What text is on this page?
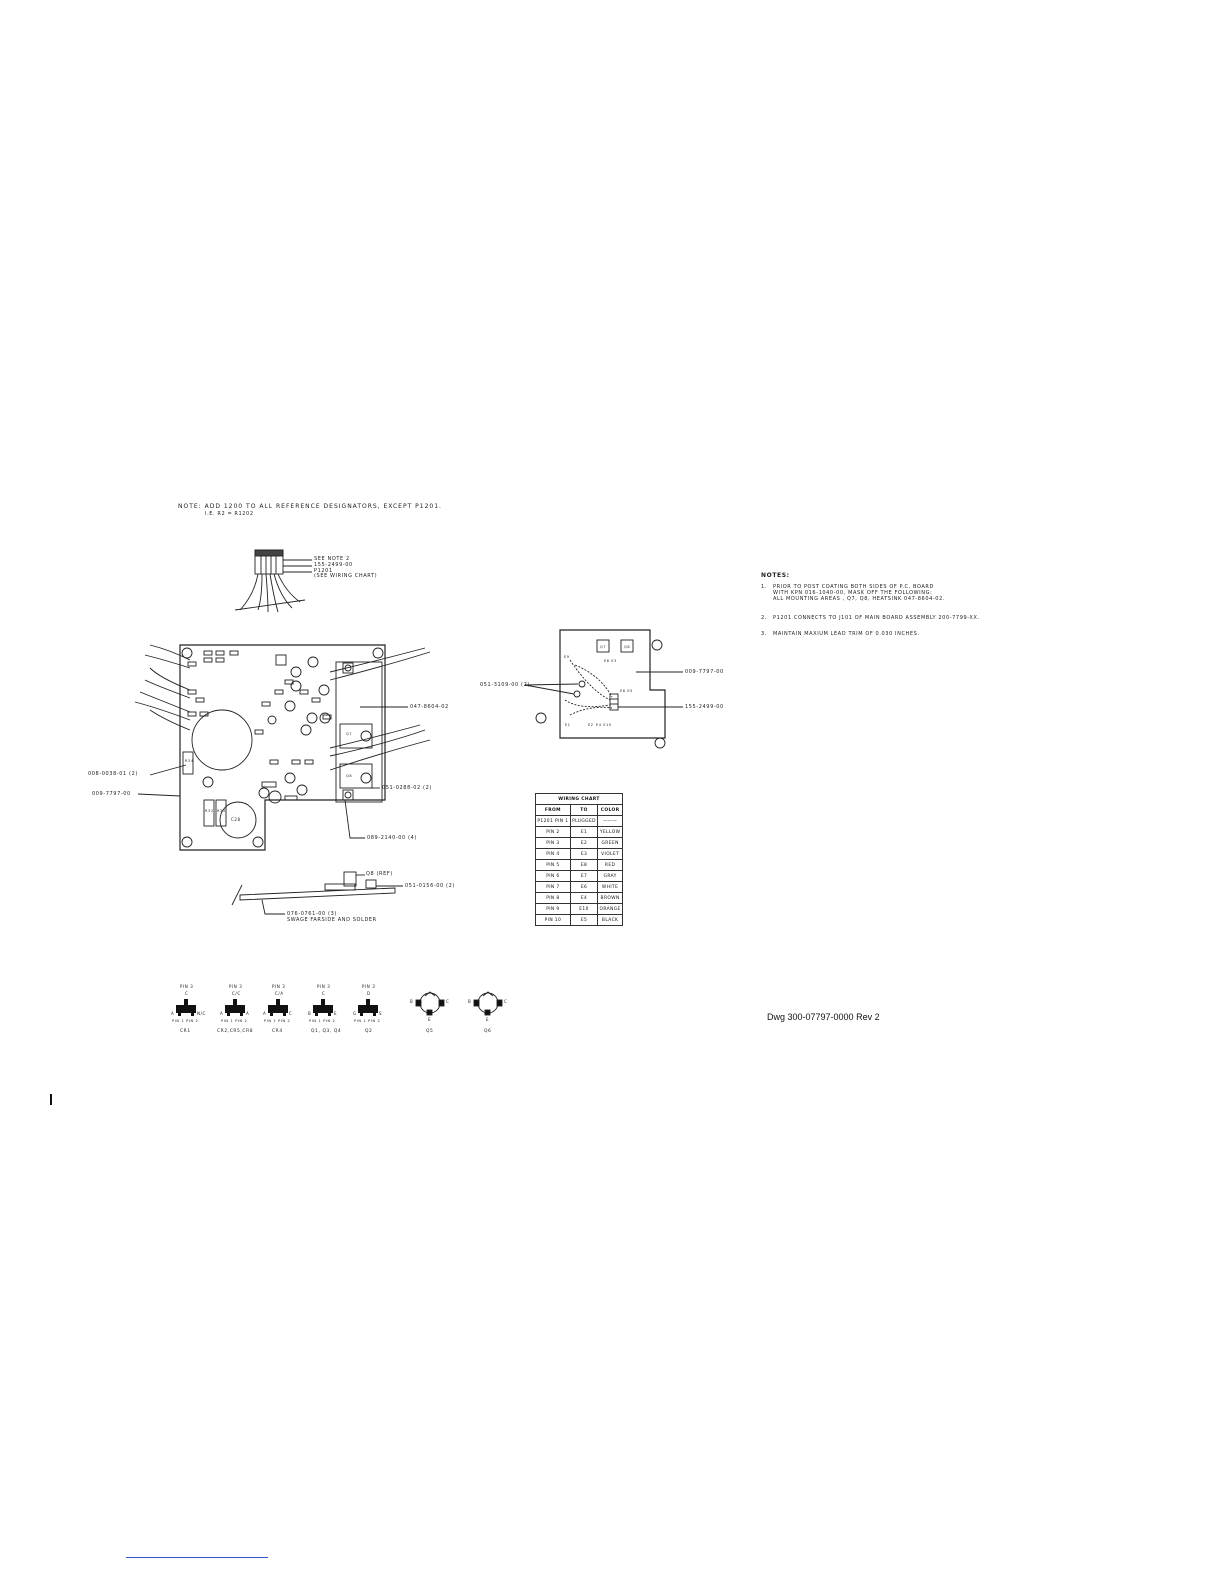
NOTE: ADD 1200 TO ALL REFERENCE DESIGNATORS, EXCEPT P1201.
I.E. R2 = R1202
SEE NOTE 2
155-2499-00
P1201
(SEE WIRING CHART)	NOTES:
1. PRIOR TO POST COATING BOTH SIDES OF P.C. BOARD
WITH KPN 016-1040-00, MASK OFF THE FOLLOWING:
ALL MOUNTING AREAS , Q7, Q8, HEATSINK 047-8604-02.
2. P1201 CONNECTS TO J101 OF MAIN BOARD ASSEMBLY 200-7799-XX.
3. MAINTAIN MAXIUM LEAD TRIM OF 0.030 INCHES.
047-8604-02
051-0288-02 (2)
008-0038-01 (2)
009-7797-00
089-2140-00 (4)
C28
R34
R32 R33
Q7
Q8
Q8 (REF)
051-0156-00 (2)
076-0761-00 (3)
SWAGE FARSIDE AND SOLDER
051-3109-00 (2)
009-7797-00
155-2499-00
Q7	Q8
E9
E6 E3
E1	E2 E4 E10
E8 E5
WIRING CHART		
FROM	TO	COLOR
P1201 PIN 1	PLUGGED	———
PIN 2	E1	YELLOW
PIN 3	E2	GREEN
PIN 4	E3	VIOLET
PIN 5	E8	RED
PIN 6	E7	GRAY
PIN 7	E6	WHITE
PIN 8	E4	BROWN
PIN 9	E10	ORANGE
PIN 10	E5	BLACK
PIN 3
C
A	N/C
PIN 1 PIN 2
CR1
PIN 3
C/C
A	A
PIN 1 PIN 2
CR2,CR5,CR8
PIN 3
C/A
A	C
PIN 1 PIN 2
CR4
PIN 3
C
B	E
PIN 1 PIN 2
Q1, Q3, Q4
PIN 3
D
G	S
PIN 1 PIN 2
Q2
B	C
E
Q5
B	C
E
Q6
Dwg 300-07797-0000 Rev 2
